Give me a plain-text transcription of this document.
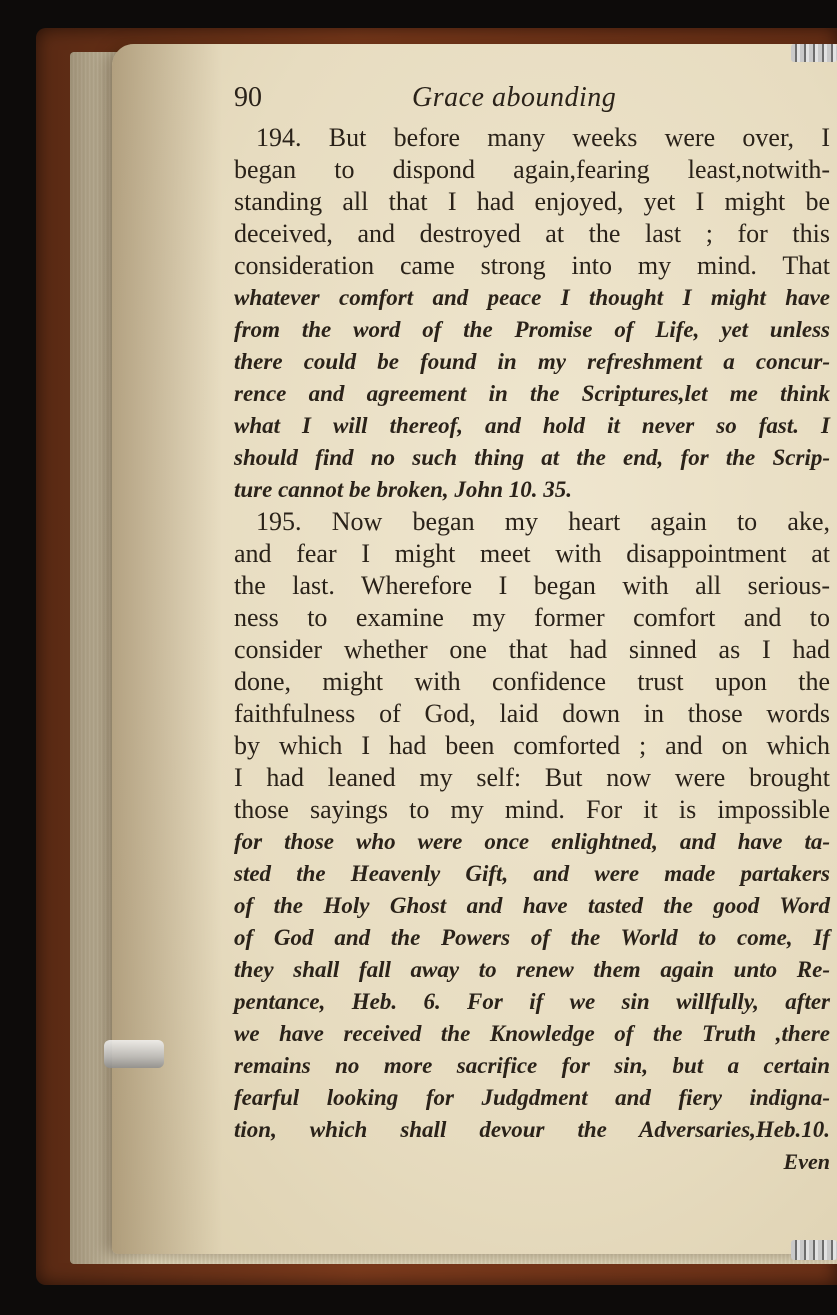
90	Grace abounding
194. But before many weeks were over, I
began to dispond again,fearing least,notwith-
standing all that I had enjoyed, yet I might be
deceived, and destroyed at the last ; for this
consideration came strong into my mind. That
whatever comfort and peace I thought I might have
from the word of the Promise of Life, yet unless
there could be found in my refreshment a concur-
rence and agreement in the Scriptures,let me think
what I will thereof, and hold it never so fast. I
should find no such thing at the end, for the Scrip-
ture cannot be broken, John 10. 35.
195. Now began my heart again to ake,
and fear I might meet with disappointment at
the last. Wherefore I began with all serious-
ness to examine my former comfort and to
consider whether one that had sinned as I had
done, might with confidence trust upon the
faithfulness of God, laid down in those words
by which I had been comforted ; and on which
I had leaned my self: But now were brought
those sayings to my mind. For it is impossible
for those who were once enlightned, and have ta-
sted the Heavenly Gift, and were made partakers
of the Holy Ghost and have tasted the good Word
of God and the Powers of the World to come, If
they shall fall away to renew them again unto Re-
pentance, Heb. 6. For if we sin willfully, after
we have received the Knowledge of the Truth ,there
remains no more sacrifice for sin, but a certain
fearful looking for Judgdment and fiery indigna-
tion, which shall devour the Adversaries,Heb.10.
Even
